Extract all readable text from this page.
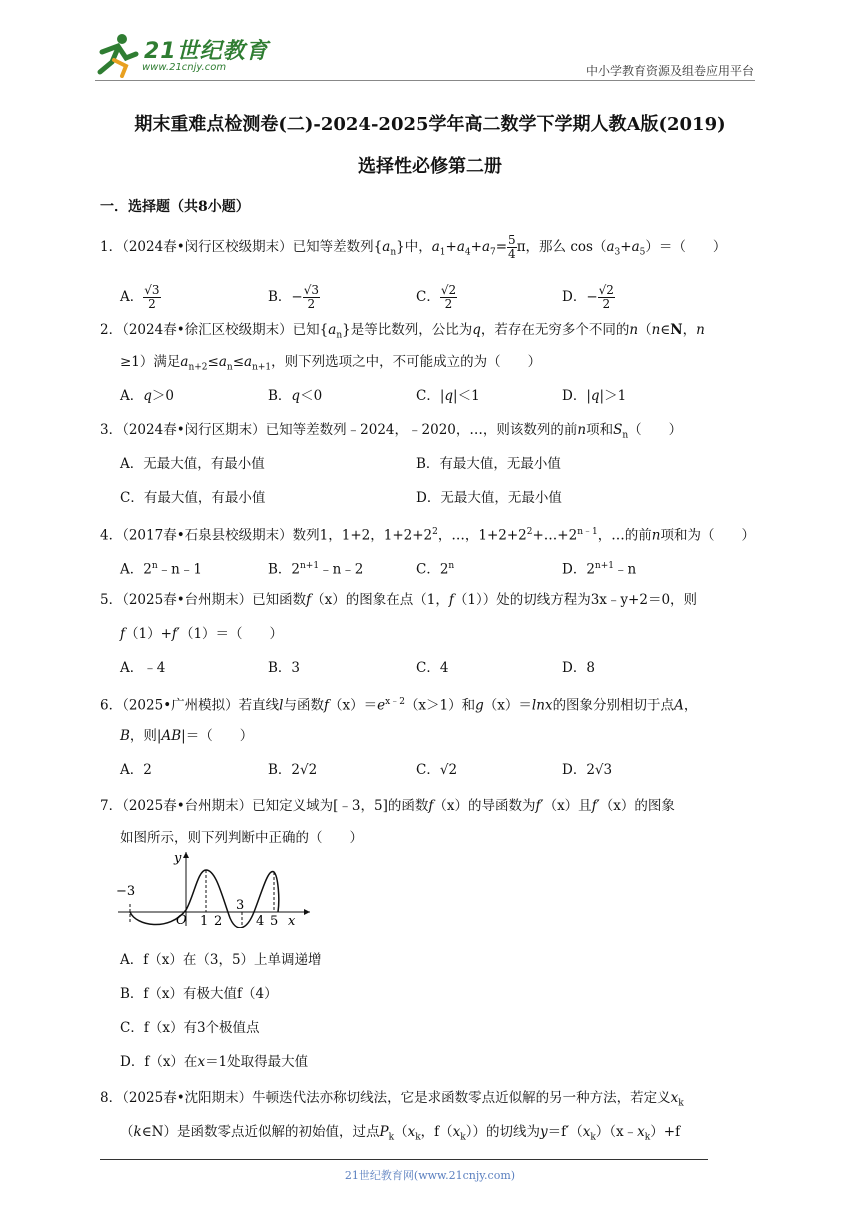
21世纪教育
www.21cnjy.com	中小学教育资源及组卷应用平台
期末重难点检测卷(二)-2024-2025学年高二数学下学期人教A版(2019)
选择性必修第二册
一．选择题（共8小题）
1．（2024春•闵行区校级期末）已知等差数列$\{a_n\}$中，$a_1+a_4+a_7= \frac{5}{4}$ π，那么 $\cos(a_3+a_5)=$（　　）
A． $\frac{√3}{2}$	B．− $\frac{√3}{2}$	C． $\frac{√2}{2}$	D．− $\frac{√2}{2}$
2．（2024春•徐汇区校级期末）已知$\{a_n\}$是等比数列，公比为q，若存在无穷多个不同的n（n∈N，n
≥1）满足$a_{n+2}\le a_n\le a_{n+1}$，则下列选项之中，不可能成立的为（　　）
A．q＞0	B．q＜0	C．|q|＜1	D．|q|＞1
3．（2024春•闵行区期末）已知等差数列﹣2024，﹣2020，…，则该数列的前n项和$S_n$（　　）
A．无最大值，有最小值	B．有最大值，无最小值
C．有最大值，有最小值	D．无最大值，无最小值
4．（2017春•石泉县校级期末）数列1，1+2，$1+2+2^2$，…，$1+2+2^2+\dots+2^{n﹣1}$，…的前n项和为（　　）
A．2$^n$﹣n﹣1	B．$2^{n+1}﹣n﹣2$	C．2$^n$	D．$2^{n+1}﹣n$
5．（2025春•台州期末）已知函数f（x）的图象在点（1，f（1））处的切线方程为3x﹣y+2＝0，则
f（1）+f′（1）＝（　　）
A．﹣4	B．3	C．4	D．8
6．（2025•广州模拟）若直线l与函数$f(x)=e^{x﹣2}(x>1)$和g（x）＝lnx的图象分别相切于点A，
B，则|AB|＝（　　）
A．2	B．2√2	C．√2	D．2√3
7．（2025春•台州期末）已知定义域为[﹣3，5]的函数f（x）的导函数为f′（x）且f′（x）的图象
如图所示，则下列判断中正确的（　　）
y
−3
O 1 2
3
4 5 x
A．f（x）在（3，5）上单调递增
B．f（x）有极大值f（4）
C．f（x）有3个极值点
D．f（x）在x＝1处取得最大值
8．（2025春•沈阳期末）牛顿迭代法亦称切线法，它是求函数零点近似解的另一种方法，若定义$x_k$
（k∈N）是函数零点近似解的初始值，过点$P_k(x_k$，$f(x_k)$）的切线为$y=f'(x_k)(x﹣x_k)+f$
21世纪教育网(www.21cnjy.com)
